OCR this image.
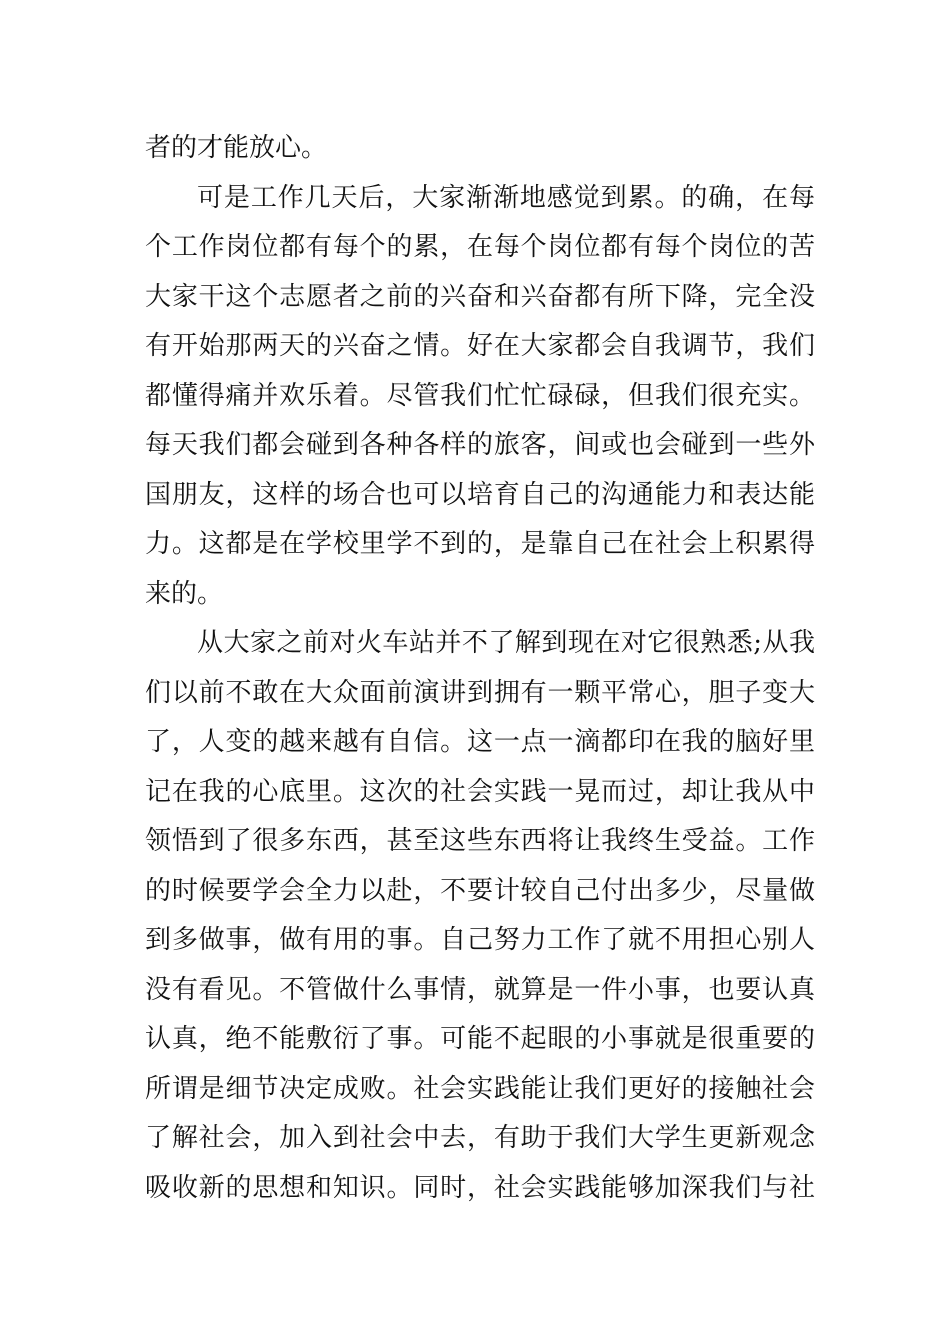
者的才能放心。
可是工作几天后，大家渐渐地感觉到累。的确，在每
个工作岗位都有每个的累，在每个岗位都有每个岗位的苦
大家干这个志愿者之前的兴奋和兴奋都有所下降，完全没
有开始那两天的兴奋之情。好在大家都会自我调节，我们
都懂得痛并欢乐着。尽管我们忙忙碌碌，但我们很充实。
每天我们都会碰到各种各样的旅客，间或也会碰到一些外
国朋友，这样的场合也可以培育自己的沟通能力和表达能
力。这都是在学校里学不到的，是靠自己在社会上积累得
来的。
从大家之前对火车站并不了解到现在对它很熟悉;从我
们以前不敢在大众面前演讲到拥有一颗平常心，胆子变大
了，人变的越来越有自信。这一点一滴都印在我的脑好里
记在我的心底里。这次的社会实践一晃而过，却让我从中
领悟到了很多东西，甚至这些东西将让我终生受益。工作
的时候要学会全力以赴，不要计较自己付出多少，尽量做
到多做事，做有用的事。自己努力工作了就不用担心别人
没有看见。不管做什么事情，就算是一件小事，也要认真
认真，绝不能敷衍了事。可能不起眼的小事就是很重要的
所谓是细节决定成败。社会实践能让我们更好的接触社会
了解社会，加入到社会中去，有助于我们大学生更新观念
吸收新的思想和知识。同时，社会实践能够加深我们与社
